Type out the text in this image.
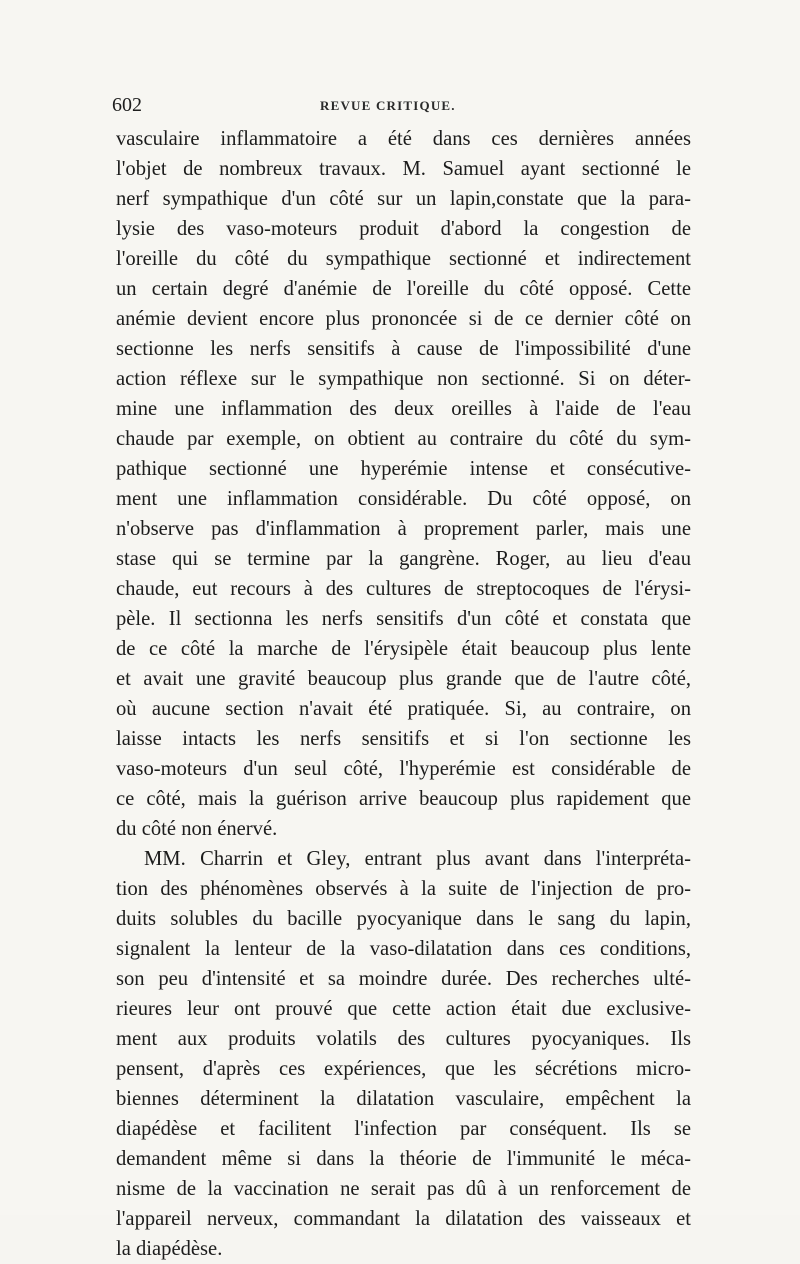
602	REVUE CRITIQUE.
vasculaire inflammatoire a été dans ces dernières années
l'objet de nombreux travaux. M. Samuel ayant sectionné le
nerf sympathique d'un côté sur un lapin,constate que la para-
lysie des vaso-moteurs produit d'abord la congestion de
l'oreille du côté du sympathique sectionné et indirectement
un certain degré d'anémie de l'oreille du côté opposé. Cette
anémie devient encore plus prononcée si de ce dernier côté on
sectionne les nerfs sensitifs à cause de l'impossibilité d'une
action réflexe sur le sympathique non sectionné. Si on déter-
mine une inflammation des deux oreilles à l'aide de l'eau
chaude par exemple, on obtient au contraire du côté du sym-
pathique sectionné une hyperémie intense et consécutive-
ment une inflammation considérable. Du côté opposé, on
n'observe pas d'inflammation à proprement parler, mais une
stase qui se termine par la gangrène. Roger, au lieu d'eau
chaude, eut recours à des cultures de streptocoques de l'érysi-
pèle. Il sectionna les nerfs sensitifs d'un côté et constata que
de ce côté la marche de l'érysipèle était beaucoup plus lente
et avait une gravité beaucoup plus grande que de l'autre côté,
où aucune section n'avait été pratiquée. Si, au contraire, on
laisse intacts les nerfs sensitifs et si l'on sectionne les
vaso-moteurs d'un seul côté, l'hyperémie est considérable de
ce côté, mais la guérison arrive beaucoup plus rapidement que
du côté non énervé.
MM. Charrin et Gley, entrant plus avant dans l'interpréta-
tion des phénomènes observés à la suite de l'injection de pro-
duits solubles du bacille pyocyanique dans le sang du lapin,
signalent la lenteur de la vaso-dilatation dans ces conditions,
son peu d'intensité et sa moindre durée. Des recherches ulté-
rieures leur ont prouvé que cette action était due exclusive-
ment aux produits volatils des cultures pyocyaniques. Ils
pensent, d'après ces expériences, que les sécrétions micro-
biennes déterminent la dilatation vasculaire, empêchent la
diapédèse et facilitent l'infection par conséquent. Ils se
demandent même si dans la théorie de l'immunité le méca-
nisme de la vaccination ne serait pas dû à un renforcement de
l'appareil nerveux, commandant la dilatation des vaisseaux et
la diapédèse.
